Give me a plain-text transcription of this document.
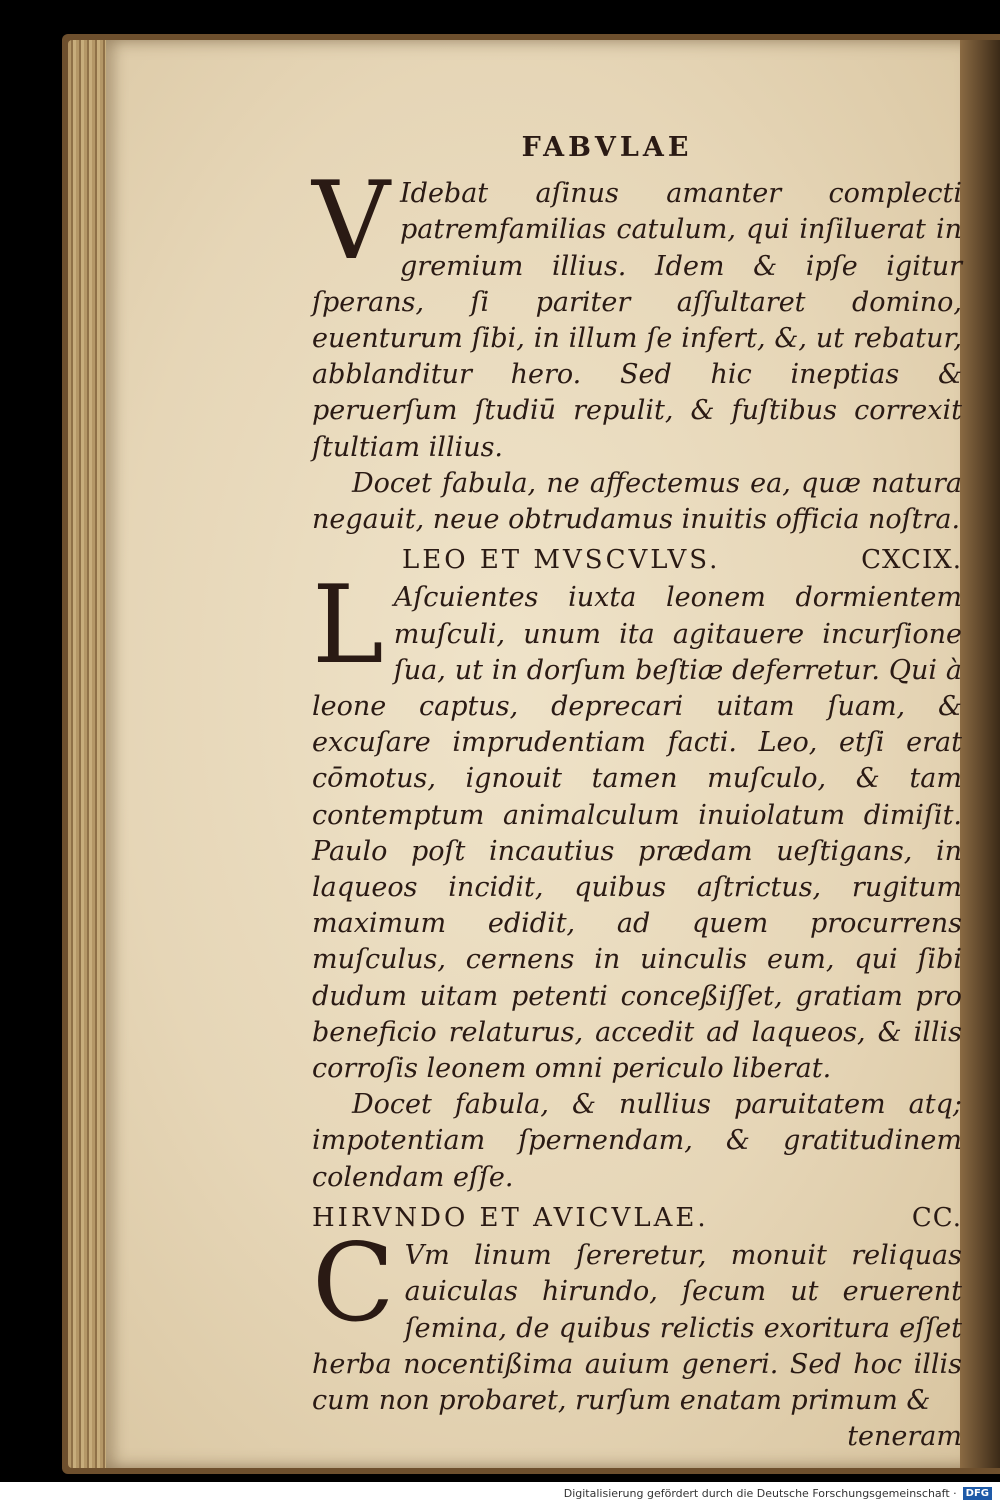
FABVLAE

V Idebat aſinus amanter complecti patremfamilias catulum, qui inſiluerat in gremium illius. Idem & ipſe igitur ſperans, ſi pariter aſſultaret domino, euenturum ſibi, in illum ſe infert, &, ut rebatur, abblanditur hero. Sed hic ineptias & peruerſum ſtudiū repulit, & fuſtibus correxit ſtultiam illius.

Docet fabula, ne affectemus ea, quæ natura negauit, neue obtrudamus inuitis officia noſtra.

LEO ET MVSCVLVS.	CXCIX.

L Aſcuientes iuxta leonem dormientem muſculi, unum ita agitauere incurſione ſua, ut in dorſum beſtiæ deferretur. Qui à leone captus, deprecari uitam ſuam, & excuſare imprudentiam facti. Leo, etſi erat cōmotus, ignouit tamen muſculo, & tam contemptum animalculum inuiolatum dimiſit. Paulo poſt incautius prædam ueſtigans, in laqueos incidit, quibus aſtrictus, rugitum maximum edidit, ad quem procurrens muſculus, cernens in uinculis eum, qui ſibi dudum uitam petenti conceßiſſet, gratiam pro beneficio relaturus, accedit ad laqueos, & illis corroſis leonem omni periculo liberat.

Docet fabula, & nullius paruitatem atq; impotentiam ſpernendam, & gratitudinem colendam eſſe.

HIRVNDO ET AVICVLAE.	CC.

C Vm linum ſereretur, monuit reliquas auiculas hirundo, ſecum ut eruerent ſemina, de quibus relictis exoritura eſſet herba nocentißima auium generi. Sed hoc illis cum non probaret, rurſum enatam primum &

teneram
Digitalisierung gefördert durch die Deutsche Forschungsgemeinschaft · DFG
